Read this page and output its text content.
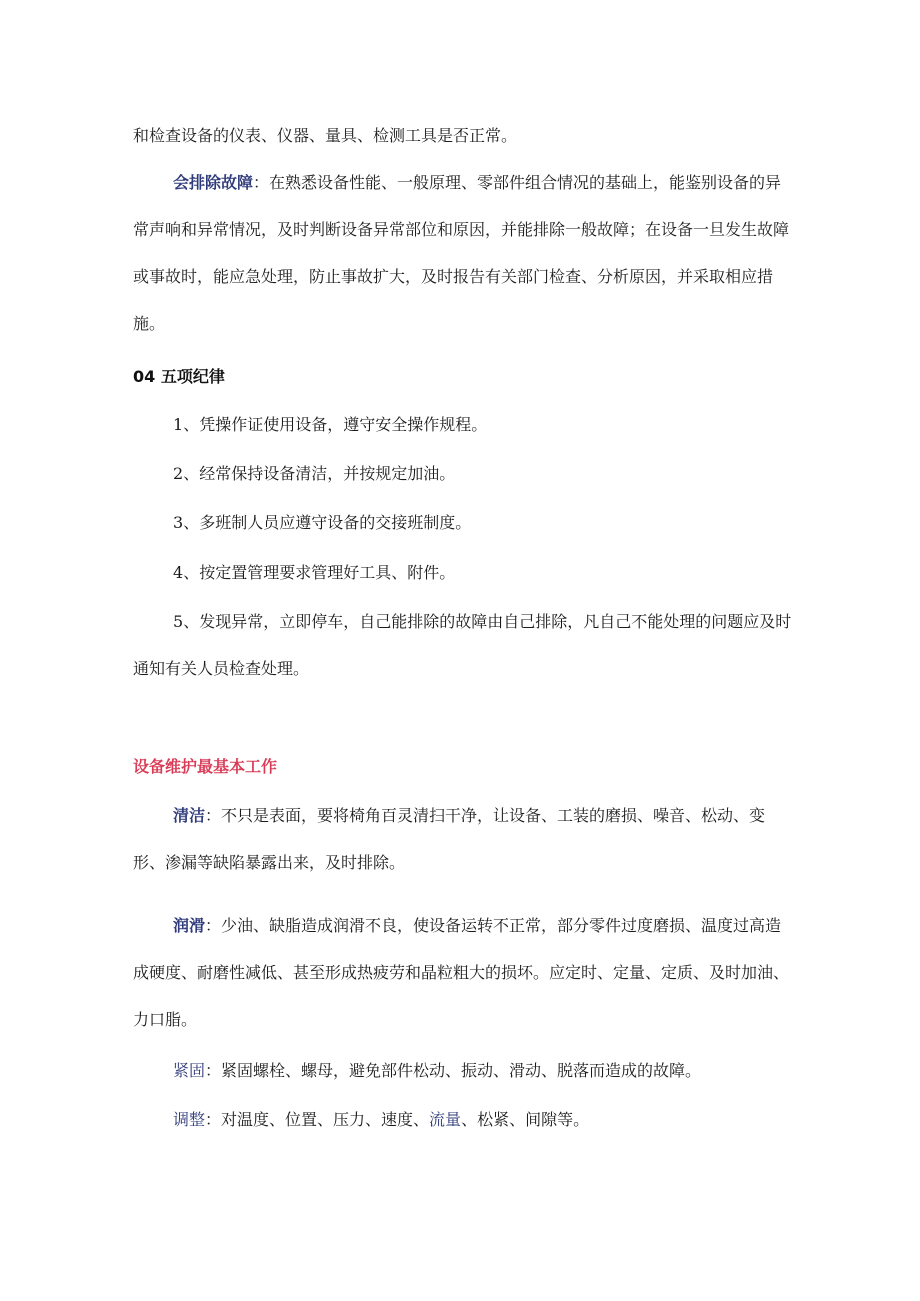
和检查设备的仪表、仪器、量具、检测工具是否正常。

会排除故障：在熟悉设备性能、一般原理、零部件组合情况的基础上，能鉴别设备的异常声响和异常情况，及时判断设备异常部位和原因，并能排除一般故障；在设备一旦发生故障或事故时，能应急处理，防止事故扩大，及时报告有关部门检查、分析原因，并采取相应措施。

04 五项纪律

1、凭操作证使用设备，遵守安全操作规程。

2、经常保持设备清洁，并按规定加油。

3、多班制人员应遵守设备的交接班制度。

4、按定置管理要求管理好工具、附件。

5、发现异常，立即停车，自己能排除的故障由自己排除，凡自己不能处理的问题应及时通知有关人员检查处理。

设备维护最基本工作

清洁：不只是表面，要将椅角百灵清扫干净，让设备、工装的磨损、噪音、松动、变形、渗漏等缺陷暴露出来，及时排除。

润滑：少油、缺脂造成润滑不良，使设备运转不正常，部分零件过度磨损、温度过高造成硬度、耐磨性减低、甚至形成热疲劳和晶粒粗大的损坏。应定时、定量、定质、及时加油、力口脂。

紧固：紧固螺栓、螺母，避免部件松动、振动、滑动、脱落而造成的故障。

调整：对温度、位置、压力、速度、流量、松紧、间隙等。
